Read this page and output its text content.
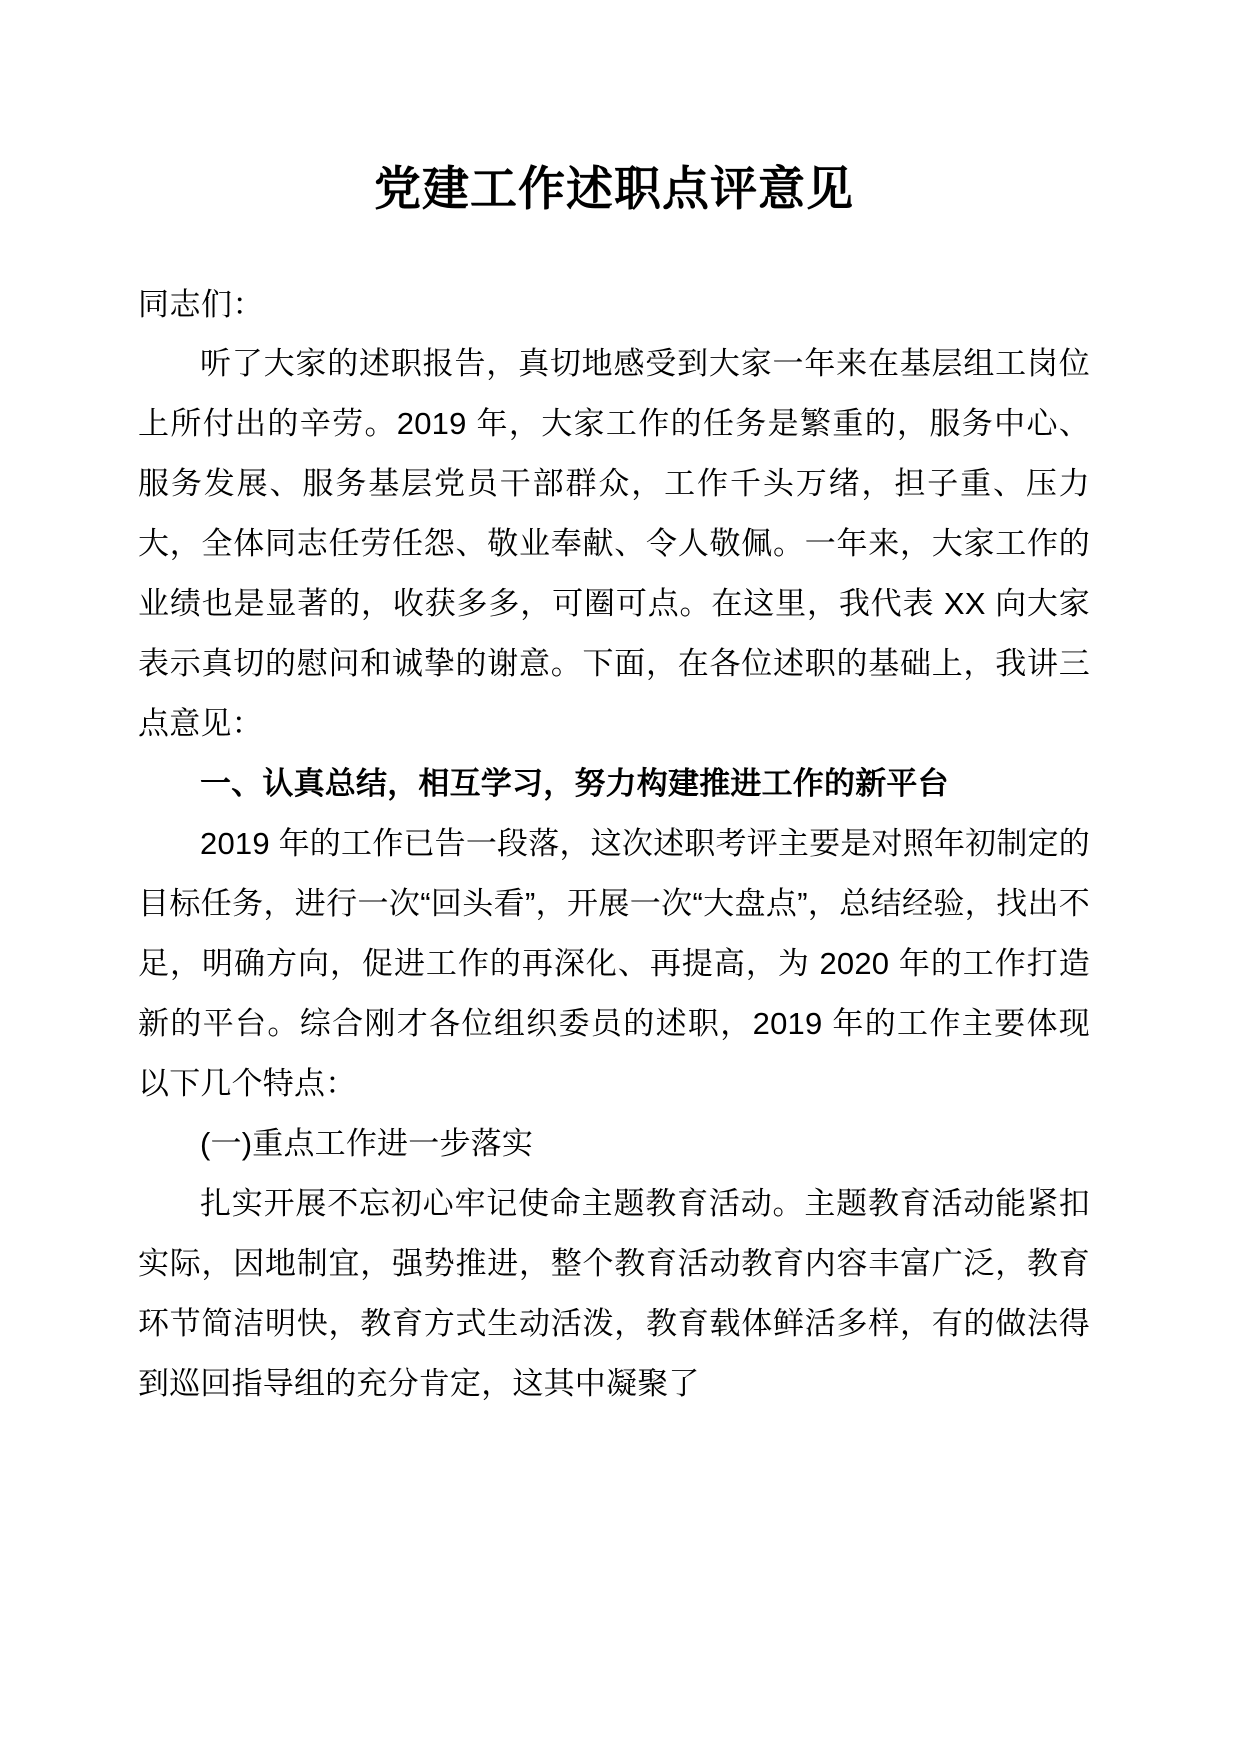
党建工作述职点评意见

同志们：

听了大家的述职报告，真切地感受到大家一年来在基层组工岗位上所付出的辛劳。2019 年，大家工作的任务是繁重的，服务中心、服务发展、服务基层党员干部群众，工作千头万绪，担子重、压力大，全体同志任劳任怨、敬业奉献、令人敬佩。一年来，大家工作的业绩也是显著的，收获多多，可圈可点。在这里，我代表 XX 向大家表示真切的慰问和诚挚的谢意。下面，在各位述职的基础上，我讲三点意见：

一、认真总结，相互学习，努力构建推进工作的新平台

2019 年的工作已告一段落，这次述职考评主要是对照年初制定的目标任务，进行一次“回头看”，开展一次“大盘点”，总结经验，找出不足，明确方向，促进工作的再深化、再提高，为 2020 年的工作打造新的平台。综合刚才各位组织委员的述职，2019 年的工作主要体现以下几个特点：

(一)重点工作进一步落实

扎实开展不忘初心牢记使命主题教育活动。主题教育活动能紧扣实际，因地制宜，强势推进，整个教育活动教育内容丰富广泛，教育环节简洁明快，教育方式生动活泼，教育载体鲜活多样，有的做法得到巡回指导组的充分肯定，这其中凝聚了
